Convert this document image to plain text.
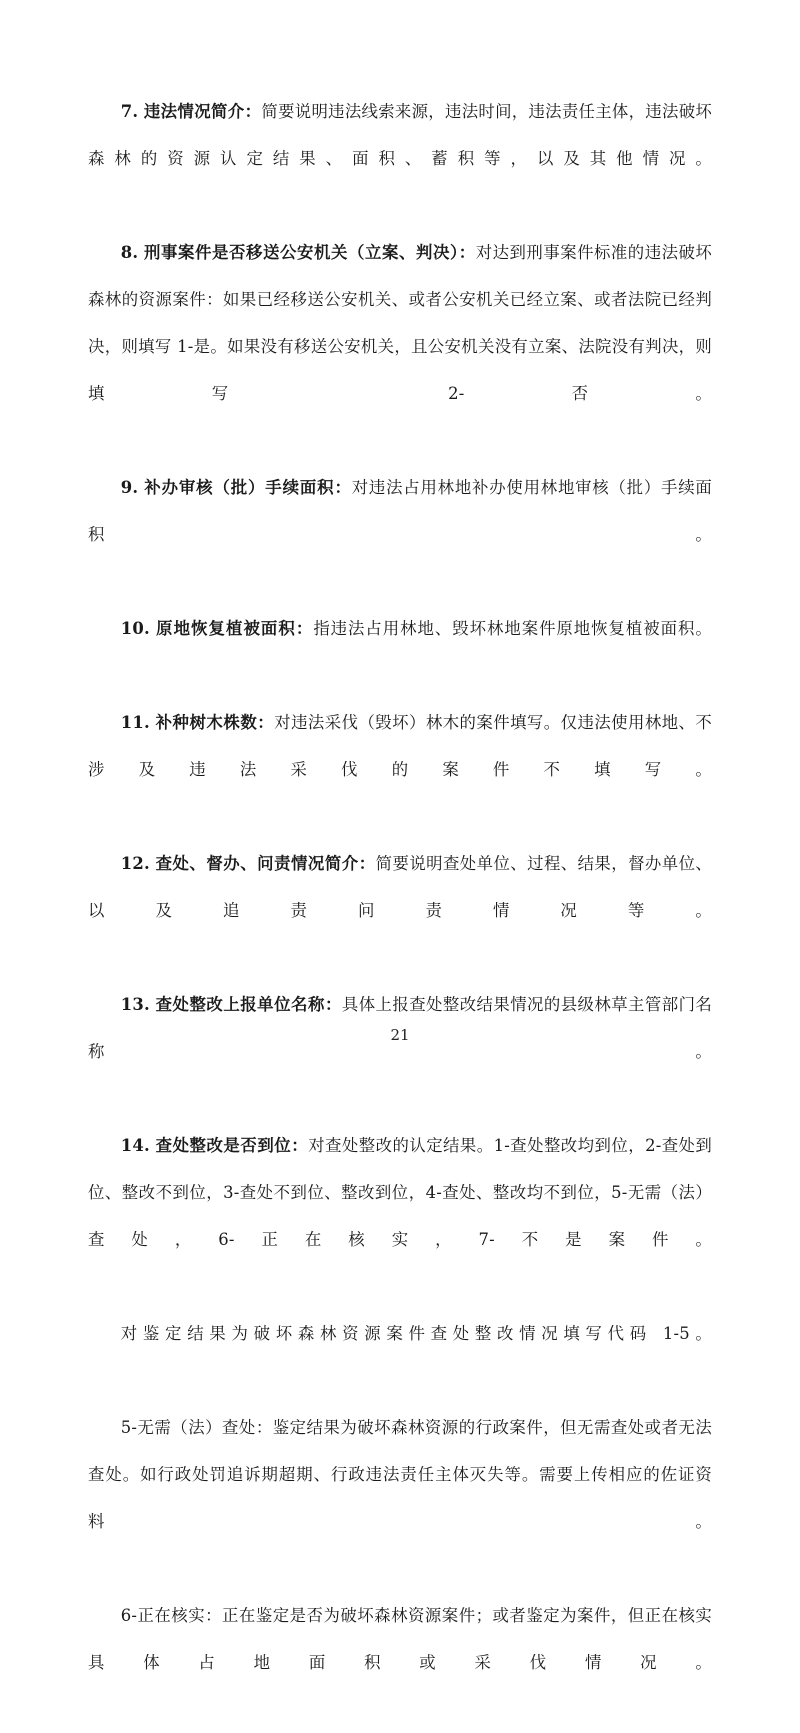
7. 违法情况简介：简要说明违法线索来源，违法时间，违法责任主体，违法破坏森林的资源认定结果、面积、蓄积等，以及其他情况。

8. 刑事案件是否移送公安机关（立案、判决）：对达到刑事案件标准的违法破坏森林的资源案件：如果已经移送公安机关、或者公安机关已经立案、或者法院已经判决，则填写 1-是。如果没有移送公安机关，且公安机关没有立案、法院没有判决，则填写 2-否。

9. 补办审核（批）手续面积：对违法占用林地补办使用林地审核（批）手续面积。

10. 原地恢复植被面积：指违法占用林地、毁坏林地案件原地恢复植被面积。

11. 补种树木株数：对违法采伐（毁坏）林木的案件填写。仅违法使用林地、不涉及违法采伐的案件不填写。

12. 查处、督办、问责情况简介：简要说明查处单位、过程、结果，督办单位、以及追责问责情况等。

13. 查处整改上报单位名称：具体上报查处整改结果情况的县级林草主管部门名称。

14. 查处整改是否到位：对查处整改的认定结果。1-查处整改均到位，2-查处到位、整改不到位，3-查处不到位、整改到位，4-查处、整改均不到位，5-无需（法）查处，6-正在核实，7-不是案件。

对鉴定结果为破坏森林资源案件查处整改情况填写代码 1-5。

5-无需（法）查处：鉴定结果为破坏森林资源的行政案件，但无需查处或者无法查处。如行政处罚追诉期超期、行政违法责任主体灭失等。需要上传相应的佐证资料。

6-正在核实：正在鉴定是否为破坏森林资源案件；或者鉴定为案件，但正在核实具体占地面积或采伐情况。

21
